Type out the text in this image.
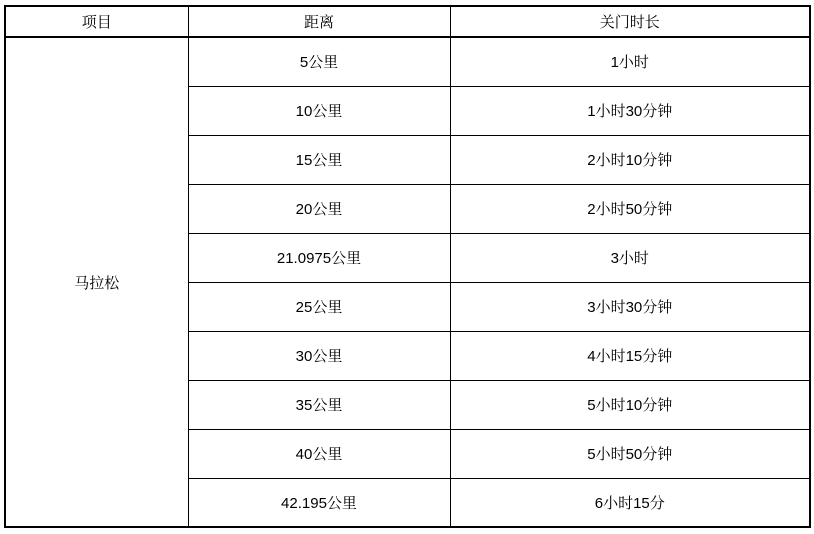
项目	距离	关门时长
马拉松	5公里	1小时
	10公里	1小时30分钟
	15公里	2小时10分钟
	20公里	2小时50分钟
	21.0975公里	3小时
	25公里	3小时30分钟
	30公里	4小时15分钟
	35公里	5小时10分钟
	40公里	5小时50分钟
	42.195公里	6小时15分
